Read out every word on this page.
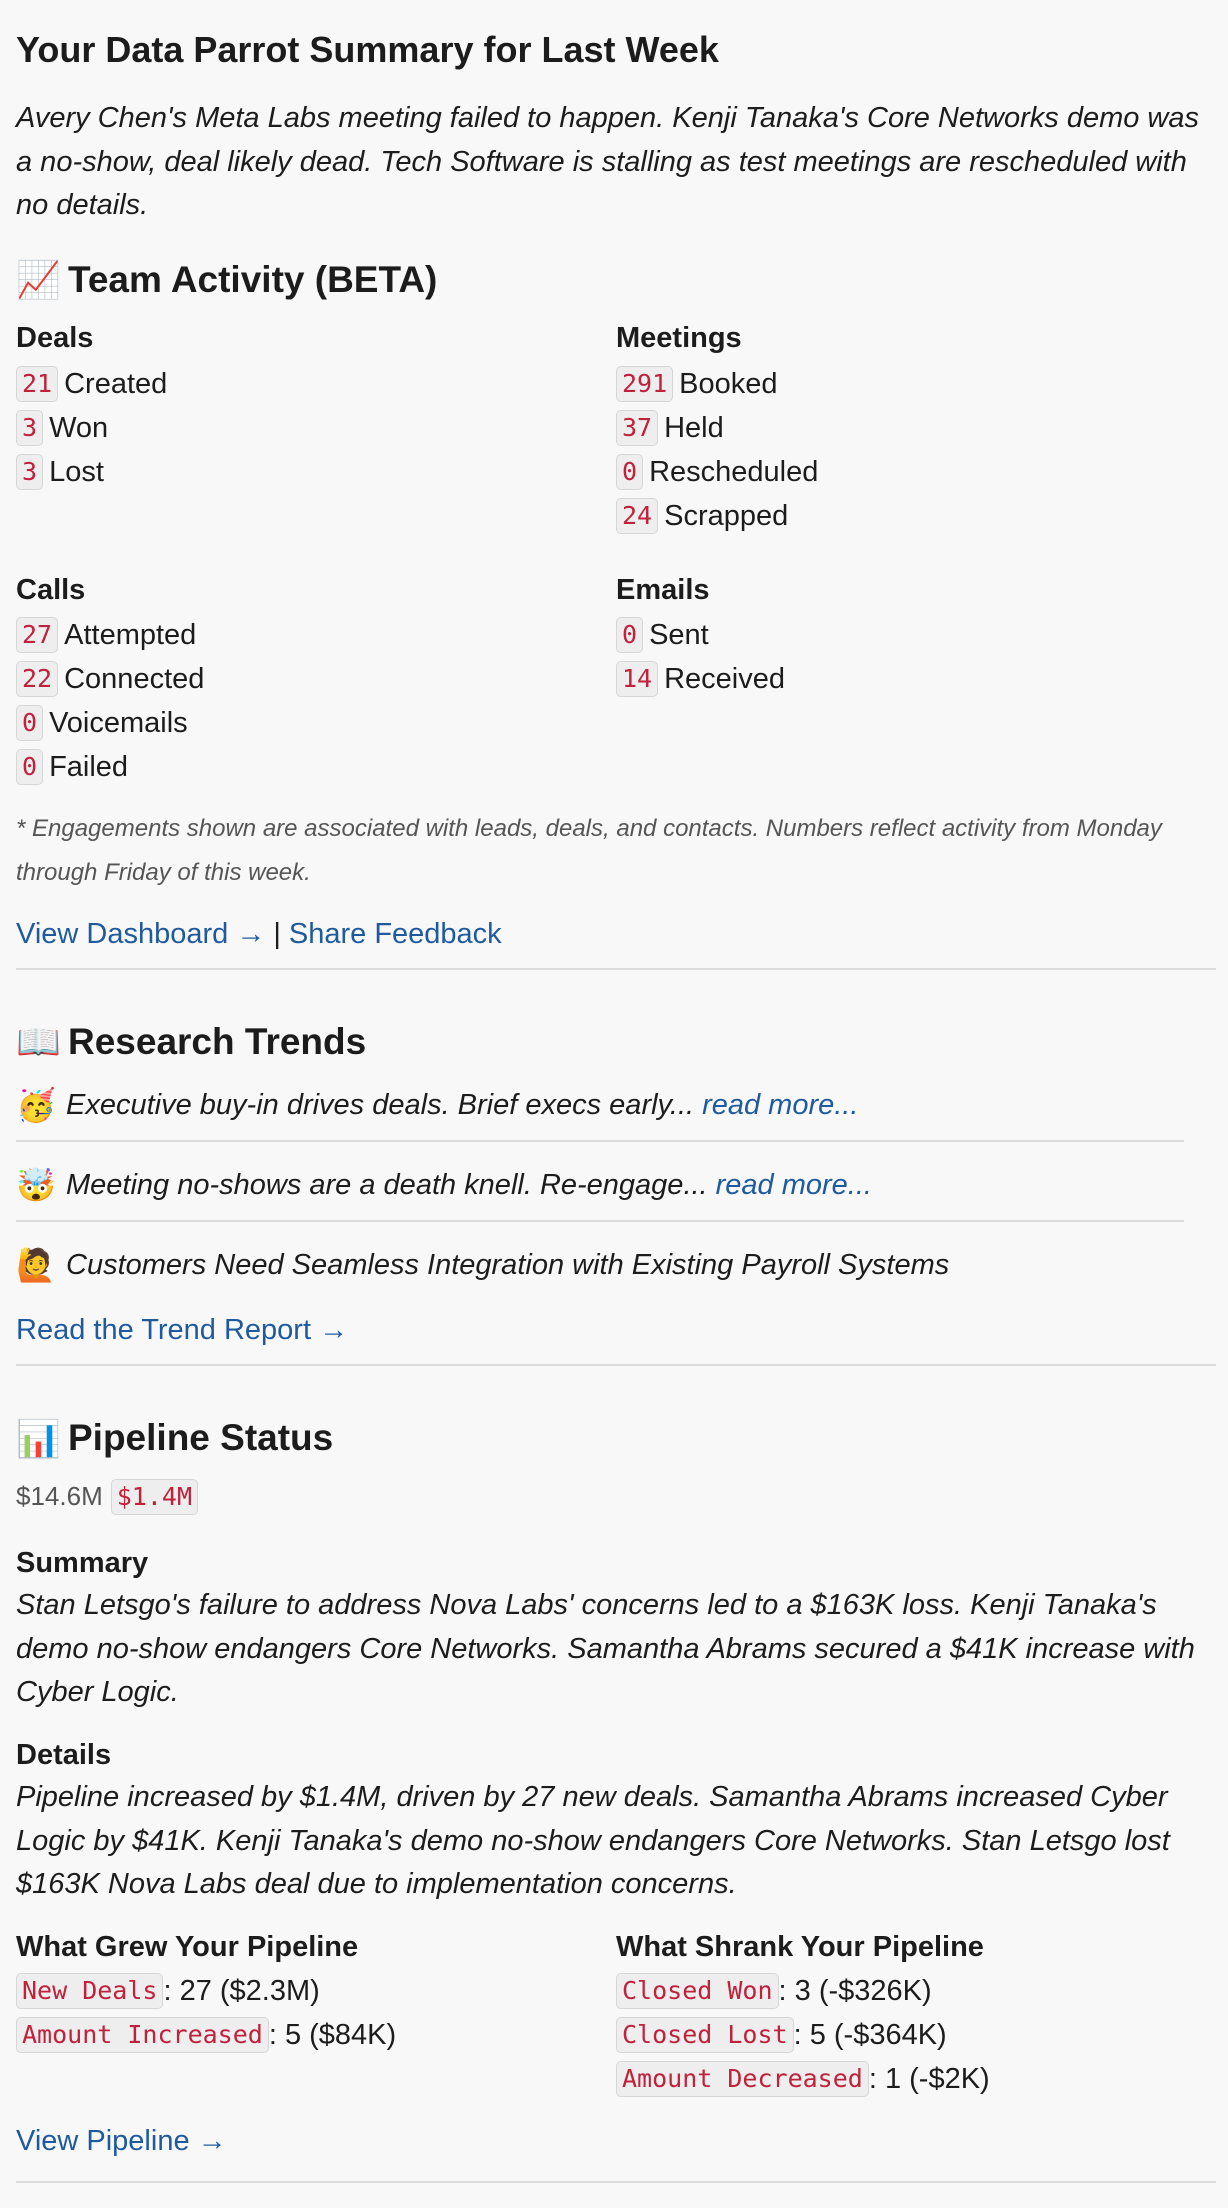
Your Data Parrot Summary for Last Week

Avery Chen's Meta Labs meeting failed to happen. Kenji Tanaka's Core Networks demo was a no-show, deal likely dead. Tech Software is stalling as test meetings are rescheduled with no details.

📈 Team Activity (BETA)
Deals
21 Created
3 Won
3 Lost
Meetings
291 Booked
37 Held
0 Rescheduled
24 Scrapped
Calls
27 Attempted
22 Connected
0 Voicemails
0 Failed
Emails
0 Sent
14 Received

* Engagements shown are associated with leads, deals, and contacts. Numbers reflect activity from Monday through Friday of this week.

View Dashboard → | Share Feedback
📖 Research Trends
🥳 Executive buy-in drives deals. Brief execs early... read more...
🤯 Meeting no-shows are a death knell. Re-engage... read more...
🙋 Customers Need Seamless Integration with Existing Payroll Systems
Read the Trend Report →
📊 Pipeline Status
$14.6M $1.4M
Summary

Stan Letsgo's failure to address Nova Labs' concerns led to a $163K loss. Kenji Tanaka's demo no-show endangers Core Networks. Samantha Abrams secured a $41K increase with Cyber Logic.

Details

Pipeline increased by $1.4M, driven by 27 new deals. Samantha Abrams increased Cyber Logic by $41K. Kenji Tanaka's demo no-show endangers Core Networks. Stan Letsgo lost $163K Nova Labs deal due to implementation concerns.

What Grew Your Pipeline
New Deals : 27 ($2.3M)
Amount Increased : 5 ($84K)
What Shrank Your Pipeline
Closed Won : 3 (-$326K)
Closed Lost : 5 (-$364K)
Amount Decreased : 1 (-$2K)
View Pipeline →
